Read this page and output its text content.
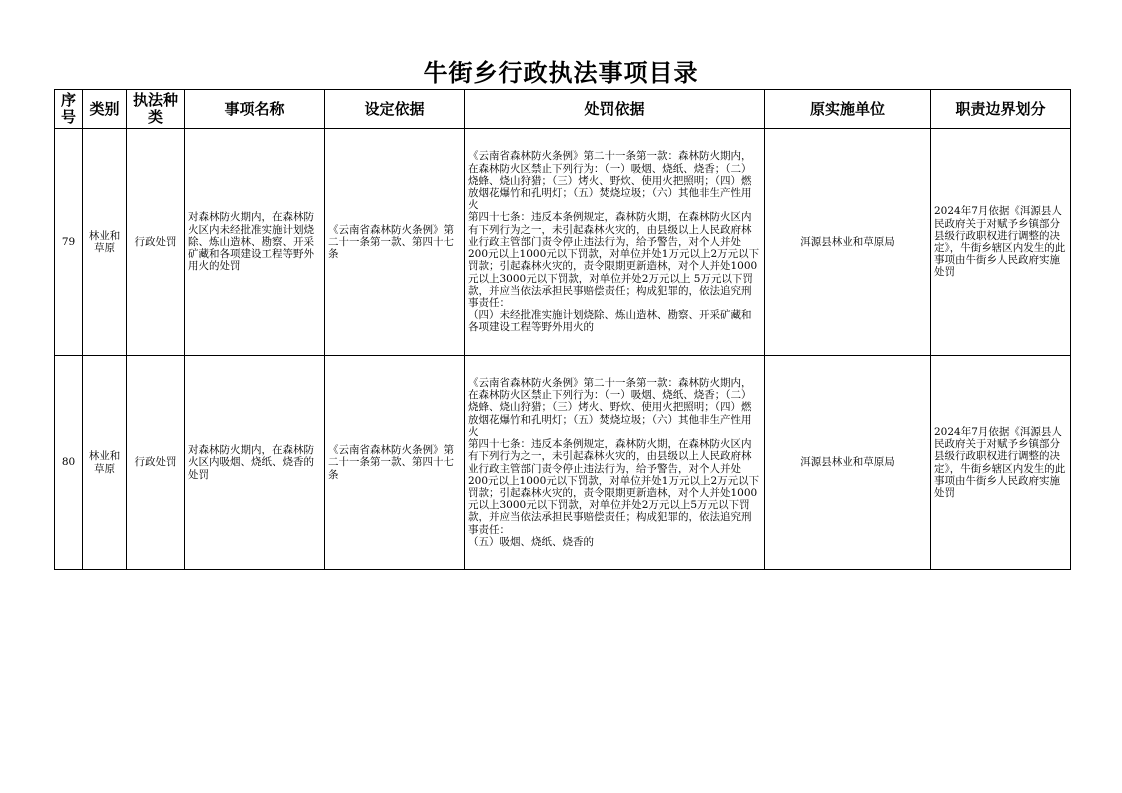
牛街乡行政执法事项目录
序号	类别	执法种类	事项名称	设定依据	处罚依据	原实施单位	职责边界划分
79	林业和草原	行政处罚	对森林防火期内，在森林防火区内未经批准实施计划烧除、炼山造林、勘察、开采矿藏和各项建设工程等野外用火的处罚	《云南省森林防火条例》第二十一条第一款、第四十七条	《云南省森林防火条例》第二十一条第一款：森林防火期内，在森林防火区禁止下列行为：（一）吸烟、烧纸、烧香；（二）烧蜂、烧山狩猎；（三）烤火、野炊、使用火把照明；（四）燃放烟花爆竹和孔明灯；（五）焚烧垃圾；（六）其他非生产性用火
第四十七条：违反本条例规定，森林防火期，在森林防火区内有下列行为之一，未引起森林火灾的，由县级以上人民政府林业行政主管部门责令停止违法行为，给予警告，对个人并处200元以上1000元以下罚款，对单位并处1万元以上2万元以下罚款；引起森林火灾的，责令限期更新造林，对个人并处1000元以上3000元以下罚款，对单位并处2万元以上 5万元以下罚款，并应当依法承担民事赔偿责任；构成犯罪的，依法追究刑事责任：
（四）未经批准实施计划烧除、炼山造林、勘察、开采矿藏和各项建设工程等野外用火的	洱源县林业和草原局	2024年7月依据《洱源县人民政府关于对赋予乡镇部分县级行政职权进行调整的决定》，牛街乡辖区内发生的此事项由牛街乡人民政府实施处罚
80	林业和草原	行政处罚	对森林防火期内，在森林防火区内吸烟、烧纸、烧香的处罚	《云南省森林防火条例》第二十一条第一款、第四十七条	《云南省森林防火条例》第二十一条第一款：森林防火期内，在森林防火区禁止下列行为：（一）吸烟、烧纸、烧香；（二）烧蜂、烧山狩猎；（三）烤火、野炊、使用火把照明；（四）燃放烟花爆竹和孔明灯；（五）焚烧垃圾；（六）其他非生产性用火
第四十七条：违反本条例规定，森林防火期，在森林防火区内有下列行为之一，未引起森林火灾的，由县级以上人民政府林业行政主管部门责令停止违法行为，给予警告，对个人并处200元以上1000元以下罚款，对单位并处1万元以上2万元以下罚款；引起森林火灾的，责令限期更新造林，对个人并处1000元以上3000元以下罚款，对单位并处2万元以上5万元以下罚款，并应当依法承担民事赔偿责任；构成犯罪的，依法追究刑事责任：
（五）吸烟、烧纸、烧香的	洱源县林业和草原局	2024年7月依据《洱源县人民政府关于对赋予乡镇部分县级行政职权进行调整的决定》，牛街乡辖区内发生的此事项由牛街乡人民政府实施处罚
